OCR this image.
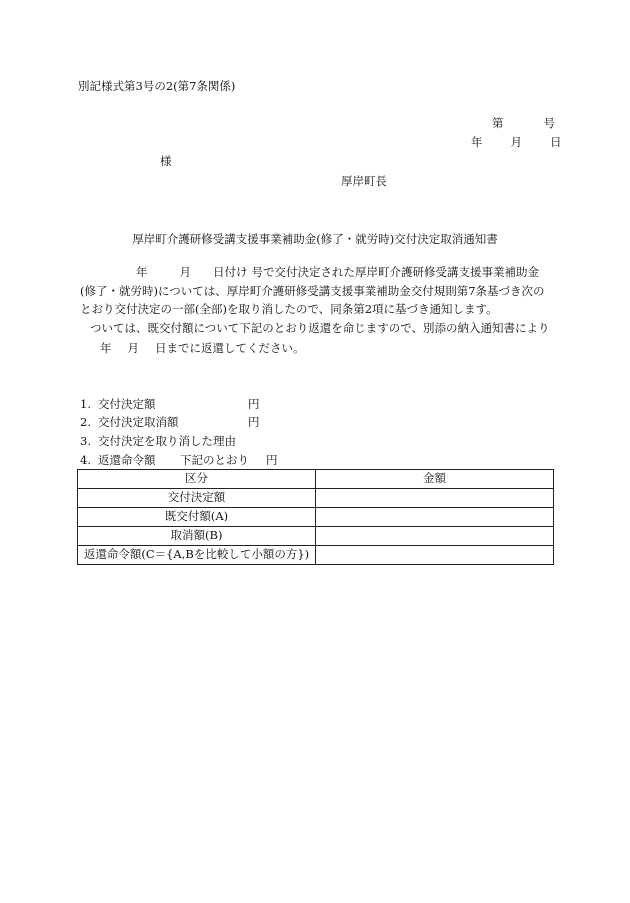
別記様式第3号の2(第7条関係)
第	号
年 月 日
様
厚岸町長
厚岸町介護研修受講支援事業補助金(修了・就労時)交付決定取消通知書
年	月 日付け 号で交付決定された厚岸町介護研修受講支援事業補助金
(修了・就労時)については、厚岸町介護研修受講支援事業補助金交付規則第7条基づき次の
とおり交付決定の一部(全部)を取り消したので、同条第2項に基づき通知します。
ついては、既交付額について下記のとおり返還を命じますので、別添の納入通知書により
年 月 日までに返還してください。
1. 交付決定額	円
2. 交付決定取消額	円
3. 交付決定を取り消した理由
4. 返還命令額 下記のとおり 円
区分	金額
交付決定額	
既交付額(A)	
取消額(B)	
返還命令額(C＝{A,Bを比較して小額の方})	
